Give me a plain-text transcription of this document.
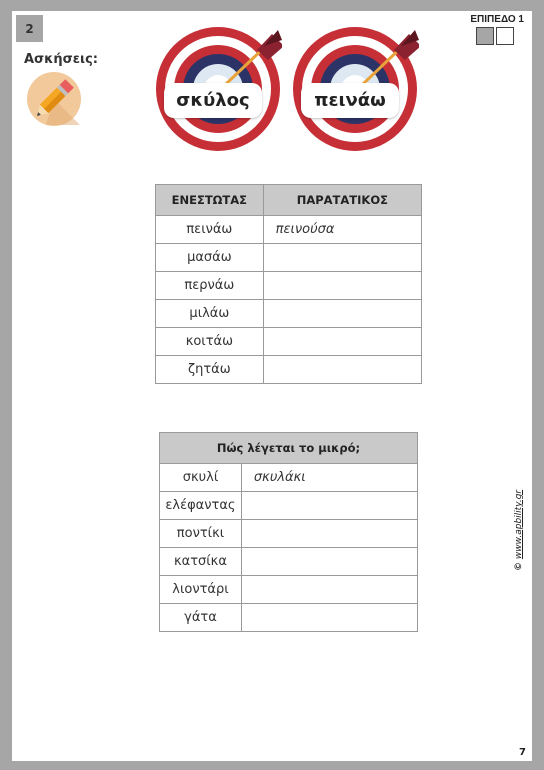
2
Ασκήσεις:
ΕΠΙΠΕΔΟ 1
σκύλος	πεινάω
ΕΝΕΣΤΩΤΑΣ	ΠΑΡΑΤΑΤΙΚΟΣ
πεινάω	πεινούσα
μασάω	
περνάω	
μιλάω	
κοιτάω	
ζητάω	
Πώς λέγεται το μικρό;	
σκυλί	σκυλάκι
ελέφαντας	
ποντίκι	
κατσίκα	
λιοντάρι	
γάτα	
© www.apbility.gr
7
